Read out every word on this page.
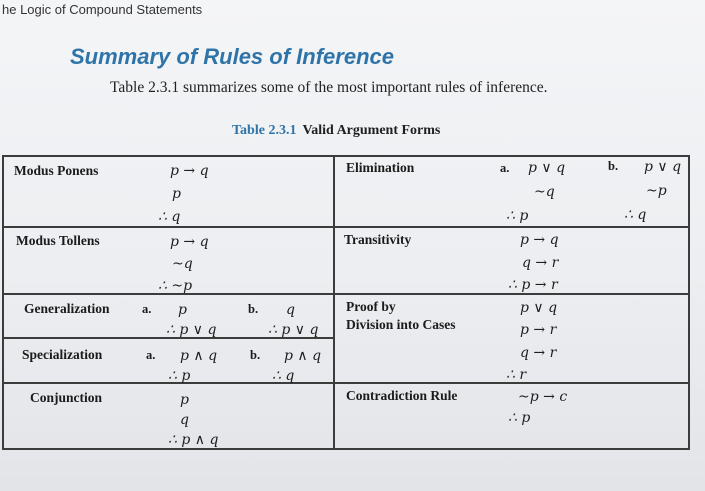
he Logic of Compound Statements
Summary of Rules of Inference
Table 2.3.1 summarizes some of the most important rules of inference.
Table 2.3.1 Valid Argument Forms
Modus Ponens	p → q
p
∴ q
Modus Tollens	p → q
~q
∴ ~p
Generalization	a. p
∴ p ∨ q
b. q
∴ p ∨ q
Specialization	a. p ∧ q
∴ p
b. p ∧ q
∴ q
Conjunction	p
q
∴ p ∧ q
Elimination	a. p ∨ q
~q
∴ p
b. p ∨ q
~p
∴ q
Transitivity	p → q
q → r
∴ p → r
Proof by
Division into Cases
p ∨ q
p → r
q → r
∴ r
Contradiction Rule	~p → c
∴ p
